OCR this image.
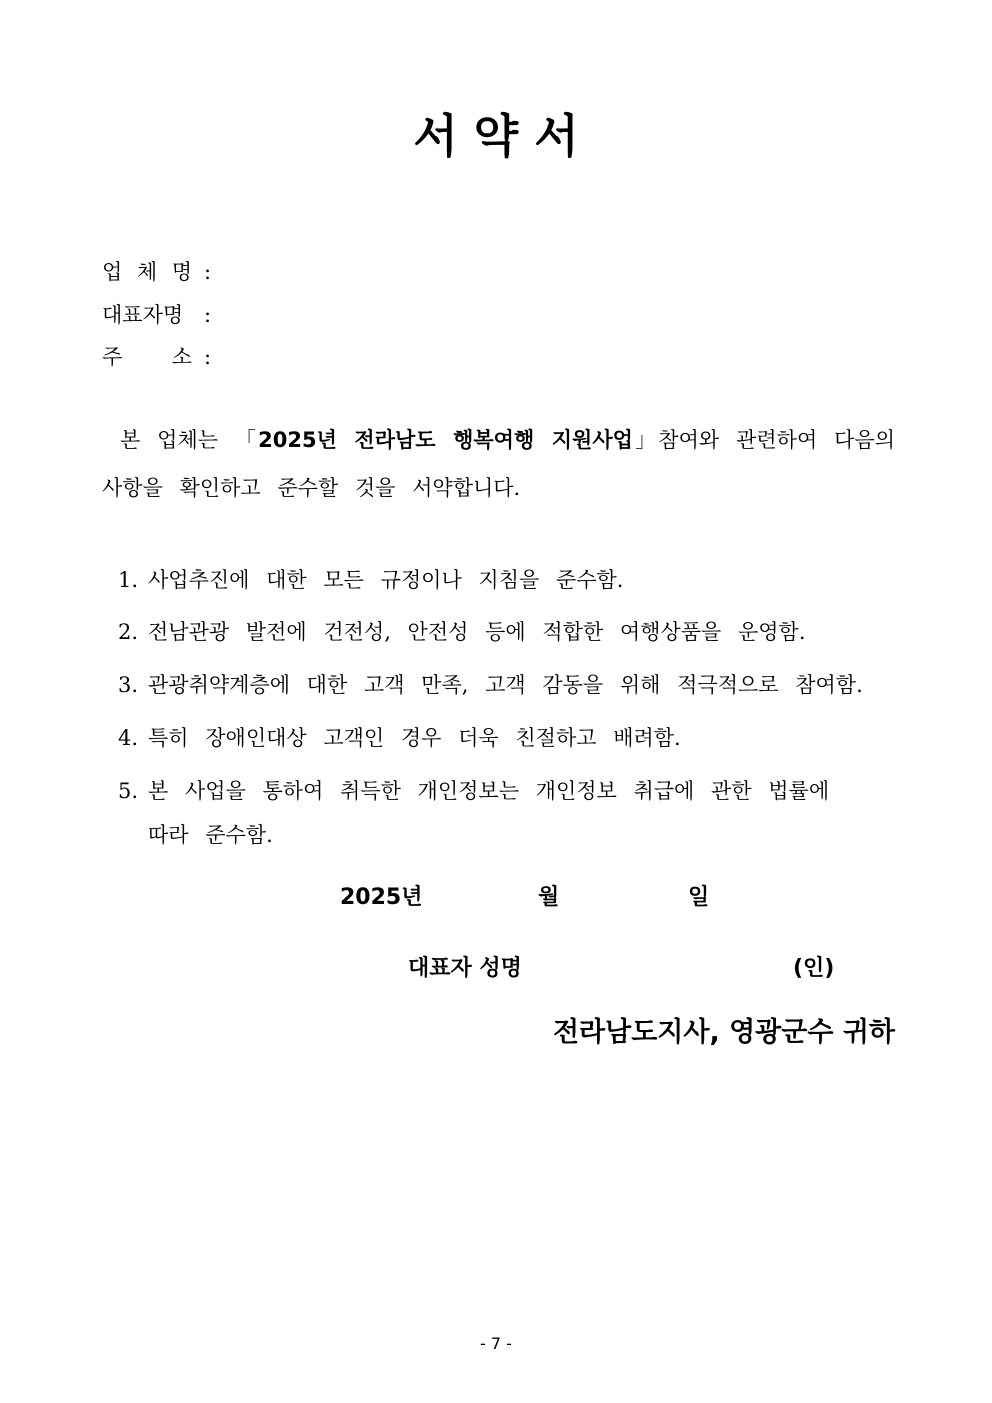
서 약 서
업 체 명 :
대표자명 :
주 소 :
본 업체는 「2025년 전라남도 행복여행 지원사업」참여와 관련하여 다음의
사항을 확인하고 준수할 것을 서약합니다.
1. 사업추진에 대한 모든 규정이나 지침을 준수함.
2. 전남관광 발전에 건전성, 안전성 등에 적합한 여행상품을 운영함.
3. 관광취약계층에 대한 고객 만족, 고객 감동을 위해 적극적으로 참여함.
4. 특히 장애인대상 고객인 경우 더욱 친절하고 배려함.
5. 본 사업을 통하여 취득한 개인정보는 개인정보 취급에 관한 법률에
따라 준수함.
2025년	월	일
대표자 성명	(인)
전라남도지사, 영광군수 귀하
- 7 -
